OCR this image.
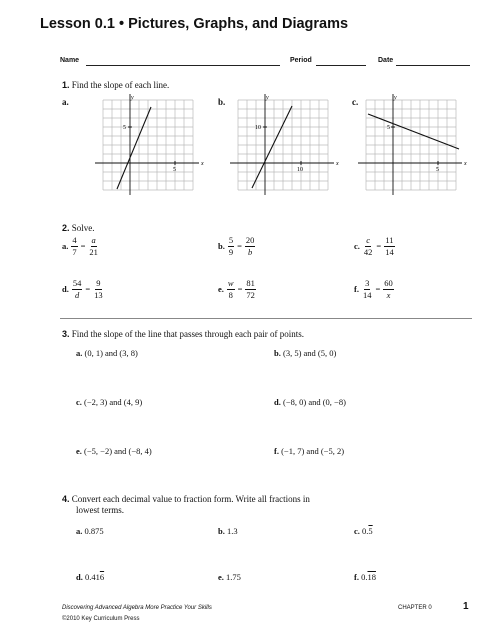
Lesson 0.1 • Pictures, Graphs, and Diagrams
Name	Period	Date
1. Find the slope of each line.
a.	y
x
5
5
b.	y
x
10
10
c.	y
x
5
5
2. Solve.
a. $\frac{4}{7} = \frac{a}{21}$	b. $\frac{5}{9} = \frac{20}{b}$	c. $\frac{c}{42} = \frac{11}{14}$
d. $\frac{54}{d} = \frac{9}{13}$	e. $\frac{w}{8} = \frac{81}{72}$	f. $\frac{3}{14} = \frac{60}{x}$
3. Find the slope of the line that passes through each pair of points.
a. (0, 1) and (3, 8)	b. (3, 5) and (5, 0)
c. (−2, 3) and (4, 9)	d. (−8, 0) and (0, −8)
e. (−5, −2) and (−8, 4)	f. (−1, 7) and (−5, 2)
4. Convert each decimal value to fraction form. Write all fractions in
lowest terms.
a. 0.875	b. 1.3	c. 0.5
d. 0.416	e. 1.75	f. 0.18
Discovering Advanced Algebra More Practice Your Skills
©2010 Key Curriculum Press
CHAPTER 0	1
